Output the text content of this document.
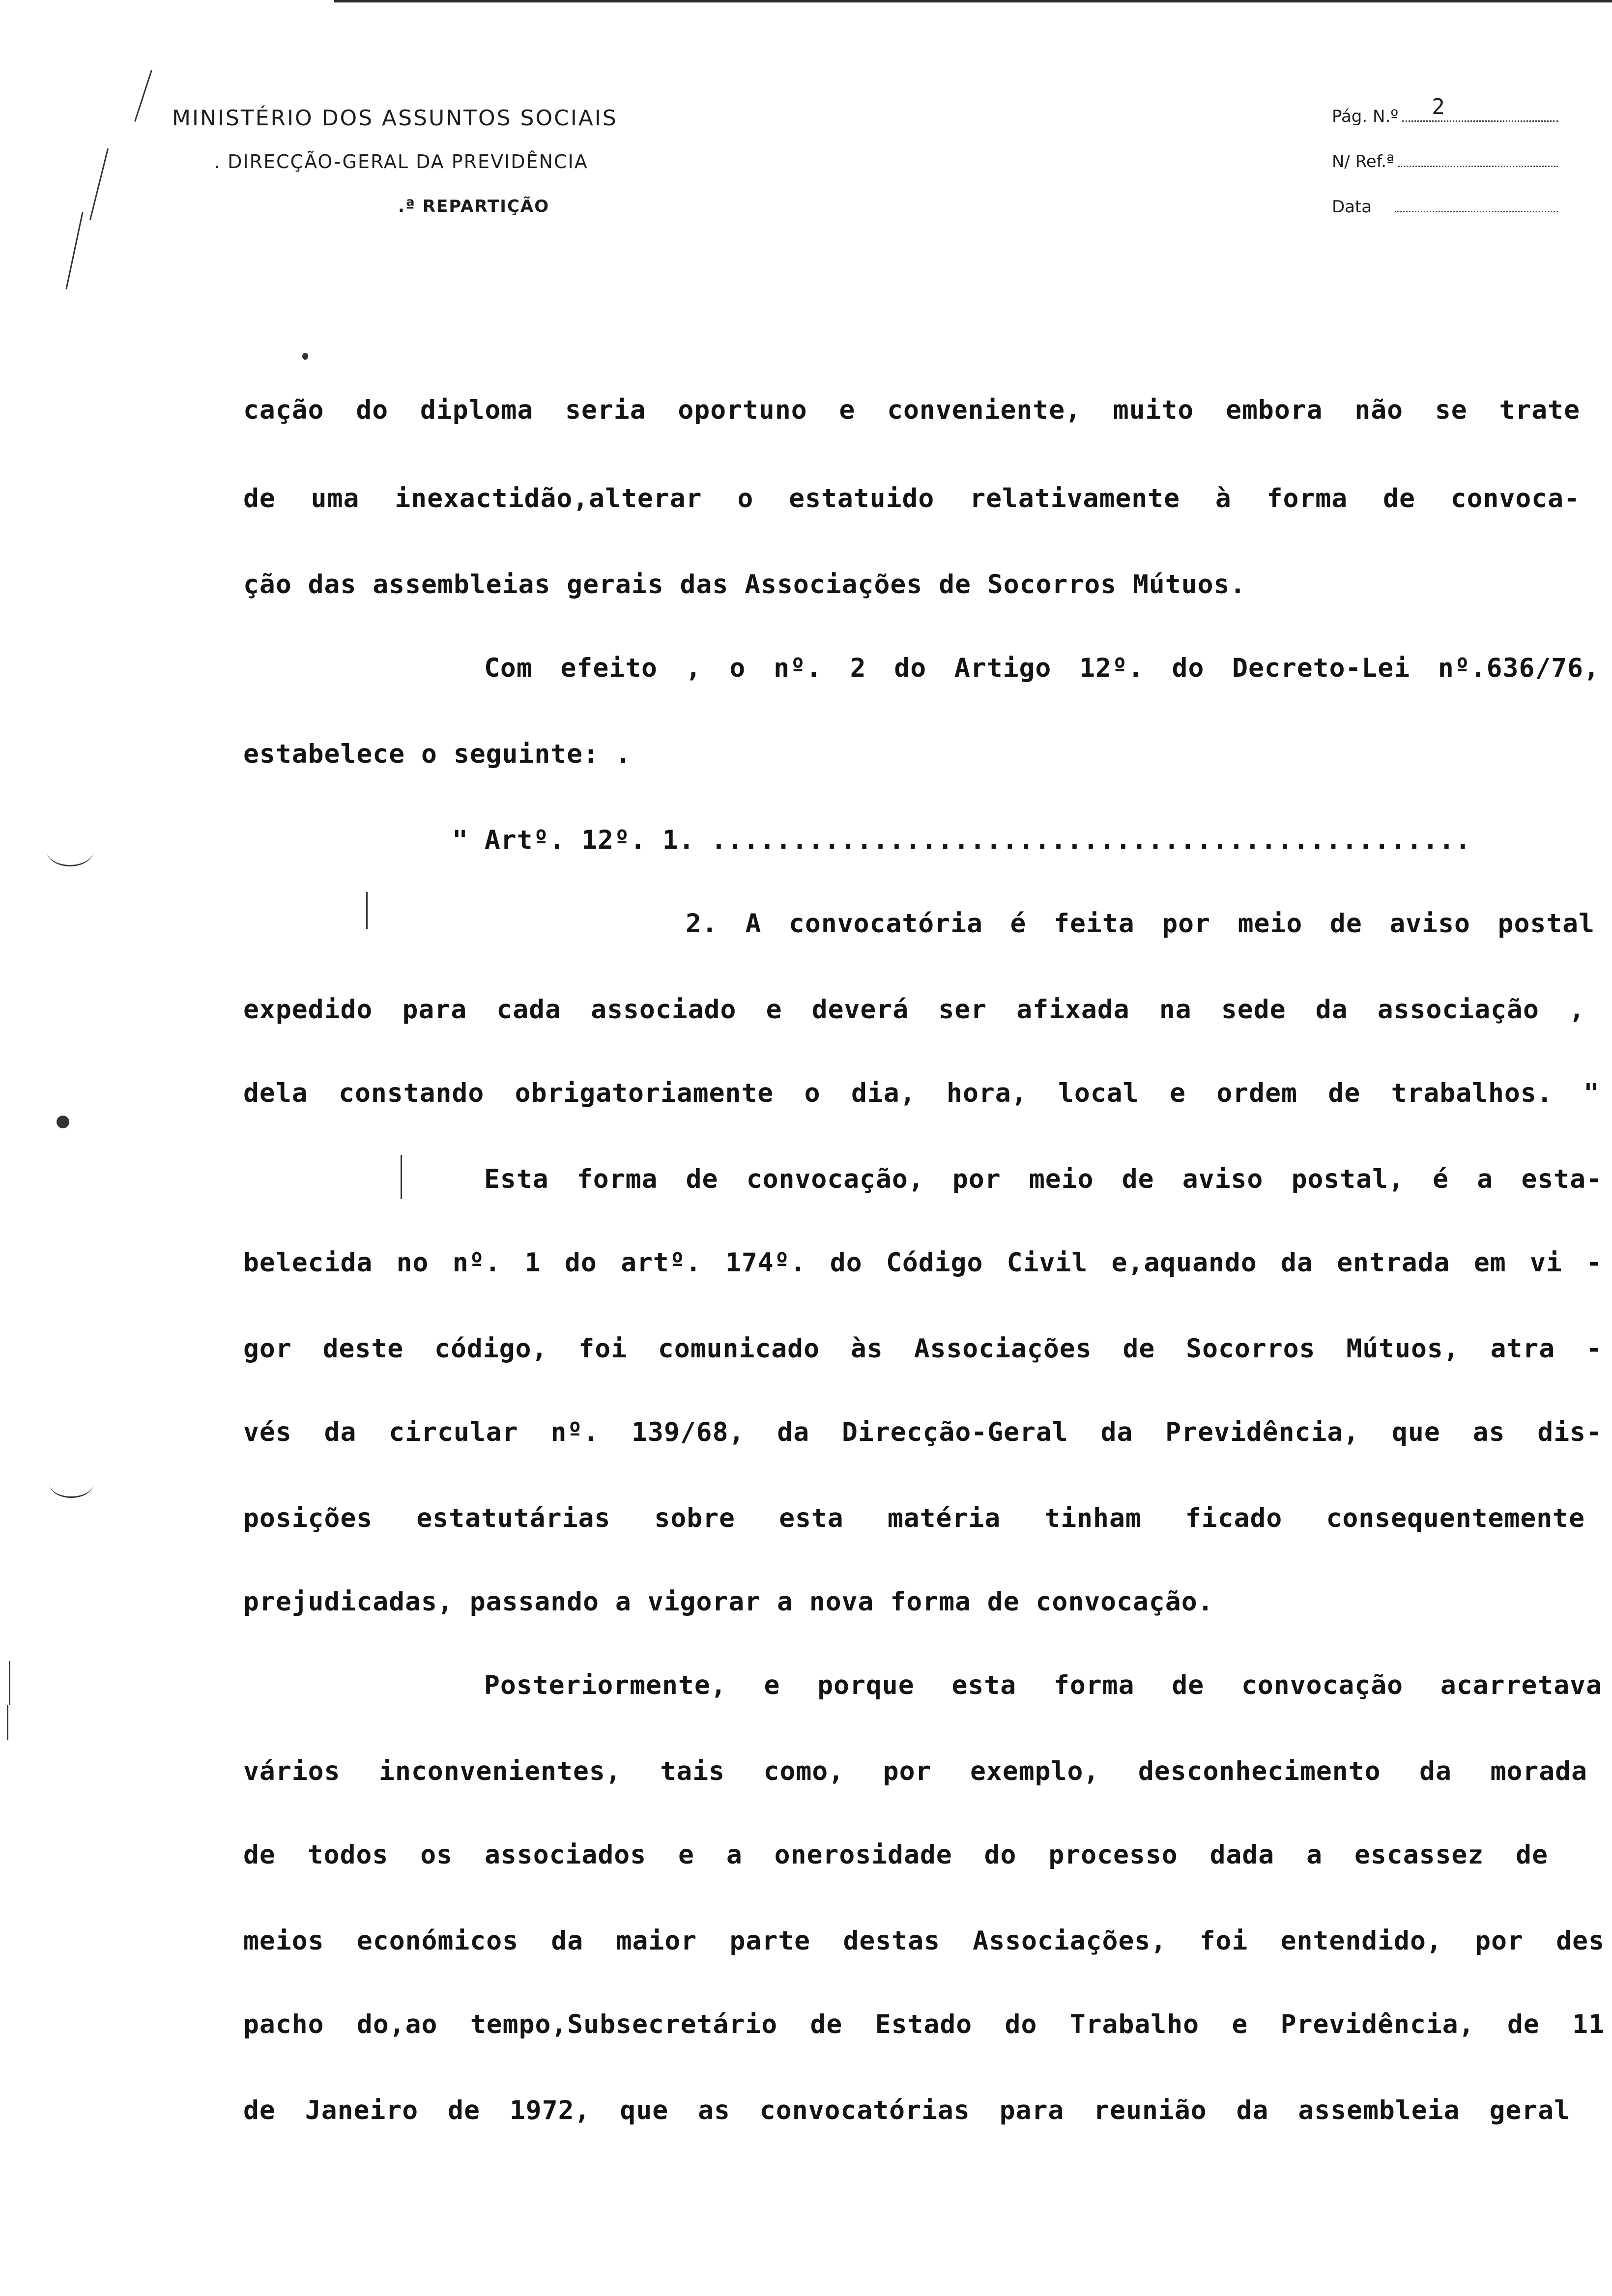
MINISTÉRIO DOS ASSUNTOS SOCIAIS
. DIRECÇÃO-GERAL DA PREVIDÊNCIA
.ª REPARTIÇÃO
Pág. N.º 2
N/ Ref.ª
Data
cação do diploma seria oportuno e conveniente, muito embora não se trate
de uma inexactidão,alterar o estatuido relativamente à forma de convoca-
ção das assembleias gerais das Associações de Socorros Mútuos.
Com efeito , o nº. 2 do Artigo 12º. do Decreto-Lei nº.636/76,
estabelece o seguinte: .
" Artº. 12º. 1. ...............................................
2. A convocatória é feita por meio de aviso postal
expedido para cada associado e deverá ser afixada na sede da associação ,
dela constando obrigatoriamente o dia, hora, local e ordem de trabalhos. "
Esta forma de convocação, por meio de aviso postal, é a esta-
belecida no nº. 1 do artº. 174º. do Código Civil e,aquando da entrada em vi -
gor deste código, foi comunicado às Associações de Socorros Mútuos, atra -
vés da circular nº. 139/68, da Direcção-Geral da Previdência, que as dis-
posições estatutárias sobre esta matéria tinham ficado consequentemente
prejudicadas, passando a vigorar a nova forma de convocação.
Posteriormente, e porque esta forma de convocação acarretava
vários inconvenientes, tais como, por exemplo, desconhecimento da morada
de todos os associados e a onerosidade do processo dada a escassez de
meios económicos da maior parte destas Associações, foi entendido, por des
pacho do,ao tempo,Subsecretário de Estado do Trabalho e Previdência, de 11
de Janeiro de 1972, que as convocatórias para reunião da assembleia geral
